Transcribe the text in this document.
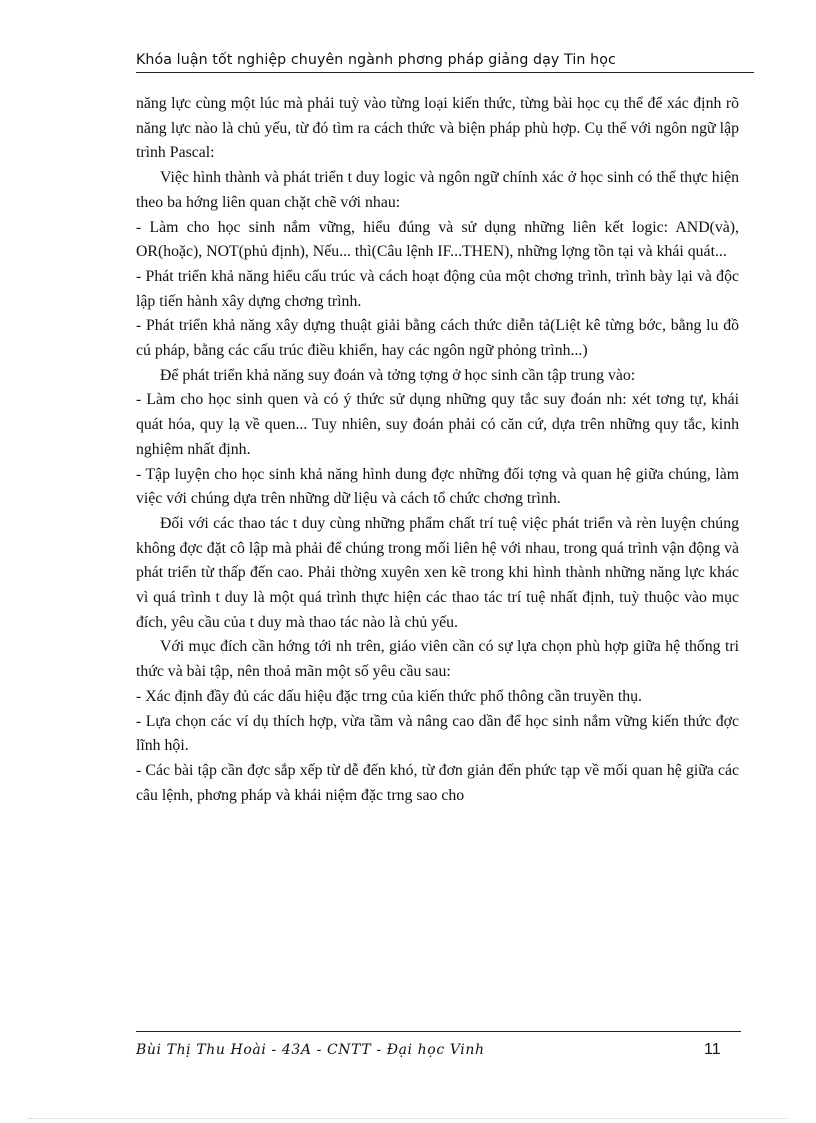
Khóa luận tốt nghiệp chuyên ngành phơng pháp giảng dạy Tin học

năng lực cùng một lúc mà phải tuỳ vào từng loại kiến thức, từng bài học cụ thể để xác định rõ năng lực nào là chủ yếu, từ đó tìm ra cách thức và biện pháp phù hợp. Cụ thể với ngôn ngữ lập trình Pascal:

Việc hình thành và phát triển t duy logic và ngôn ngữ chính xác ở học sinh có thể thực hiện theo ba hớng liên quan chặt chẽ với nhau:

- Làm cho học sinh nắm vững, hiểu đúng và sử dụng những liên kết logic: AND(và), OR(hoặc), NOT(phủ định), Nếu... thì(Câu lệnh IF...THEN), những lợng tồn tại và khái quát...

- Phát triển khả năng hiểu cấu trúc và cách hoạt động của một chơng trình, trình bày lại và độc lập tiến hành xây dựng chơng trình.

- Phát triển khả năng xây dựng thuật giải bằng cách thức diễn tả(Liệt kê từng bớc, bằng lu đồ cú pháp, bằng các cấu trúc điều khiển, hay các ngôn ngữ phỏng trình...)

Để phát triển khả năng suy đoán và tởng tợng ở học sinh cần tập trung vào:

- Làm cho học sinh quen và có ý thức sử dụng những quy tắc suy đoán nh: xét tơng tự, khái quát hóa, quy lạ về quen... Tuy nhiên, suy đoán phải có căn cứ, dựa trên những quy tắc, kinh nghiệm nhất định.

- Tập luyện cho học sinh khả năng hình dung đợc những đối tợng và quan hệ giữa chúng, làm việc với chúng dựa trên những dữ liệu và cách tổ chức chơng trình.

Đối với các thao tác t duy cùng những phẩm chất trí tuệ việc phát triển và rèn luyện chúng không đợc đặt cô lập mà phải để chúng trong mối liên hệ với nhau, trong quá trình vận động và phát triển từ thấp đến cao. Phải thờng xuyên xen kẽ trong khi hình thành những năng lực khác vì quá trình t duy là một quá trình thực hiện các thao tác trí tuệ nhất định, tuỳ thuộc vào mục đích, yêu cầu của t duy mà thao tác nào là chủ yếu.

Với mục đích cần hớng tới nh trên, giáo viên cần có sự lựa chọn phù hợp giữa hệ thống tri thức và bài tập, nên thoả mãn một số yêu cầu sau:

- Xác định đầy đủ các dấu hiệu đặc trng của kiến thức phổ thông cần truyền thụ.

- Lựa chọn các ví dụ thích hợp, vừa tầm và nâng cao dần để học sinh nắm vững kiến thức đợc lĩnh hội.

- Các bài tập cần đợc sắp xếp từ dễ đến khó, từ đơn giản đến phức tạp về mối quan hệ giữa các câu lệnh, phơng pháp và khái niệm đặc trng sao cho

Bùi Thị Thu Hoài - 43A - CNTT - Đại học Vinh	11
